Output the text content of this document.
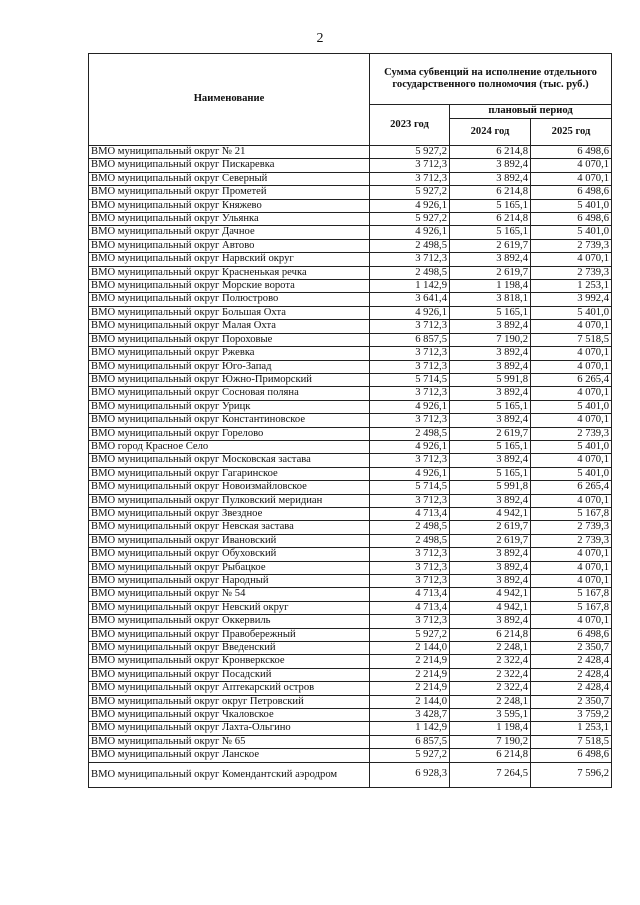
2
Наименование	Сумма субвенций на исполнение отдельного государственного полномочия (тыс. руб.)		
	2023 год	плановый период	
		2024 год	2025 год
ВМО муниципальный округ № 21	5 927,2	6 214,8	6 498,6
ВМО муниципальный округ Пискаревка	3 712,3	3 892,4	4 070,1
ВМО муниципальный округ Северный	3 712,3	3 892,4	4 070,1
ВМО муниципальный округ Прометей	5 927,2	6 214,8	6 498,6
ВМО муниципальный округ Княжево	4 926,1	5 165,1	5 401,0
ВМО муниципальный округ Ульянка	5 927,2	6 214,8	6 498,6
ВМО муниципальный округ Дачное	4 926,1	5 165,1	5 401,0
ВМО муниципальный округ Автово	2 498,5	2 619,7	2 739,3
ВМО муниципальный округ Нарвский округ	3 712,3	3 892,4	4 070,1
ВМО муниципальный округ Красненькая речка	2 498,5	2 619,7	2 739,3
ВМО муниципальный округ Морские ворота	1 142,9	1 198,4	1 253,1
ВМО муниципальный округ Полюстрово	3 641,4	3 818,1	3 992,4
ВМО муниципальный округ Большая Охта	4 926,1	5 165,1	5 401,0
ВМО муниципальный округ Малая Охта	3 712,3	3 892,4	4 070,1
ВМО муниципальный округ Пороховые	6 857,5	7 190,2	7 518,5
ВМО муниципальный округ Ржевка	3 712,3	3 892,4	4 070,1
ВМО муниципальный округ Юго-Запад	3 712,3	3 892,4	4 070,1
ВМО муниципальный округ Южно-Приморский	5 714,5	5 991,8	6 265,4
ВМО муниципальный округ Сосновая поляна	3 712,3	3 892,4	4 070,1
ВМО муниципальный округ Урицк	4 926,1	5 165,1	5 401,0
ВМО муниципальный округ Константиновское	3 712,3	3 892,4	4 070,1
ВМО муниципальный округ Горелово	2 498,5	2 619,7	2 739,3
ВМО город Красное Село	4 926,1	5 165,1	5 401,0
ВМО муниципальный округ Московская застава	3 712,3	3 892,4	4 070,1
ВМО муниципальный округ Гагаринское	4 926,1	5 165,1	5 401,0
ВМО муниципальный округ Новоизмайловское	5 714,5	5 991,8	6 265,4
ВМО муниципальный округ Пулковский меридиан	3 712,3	3 892,4	4 070,1
ВМО муниципальный округ Звездное	4 713,4	4 942,1	5 167,8
ВМО муниципальный округ Невская застава	2 498,5	2 619,7	2 739,3
ВМО муниципальный округ Ивановский	2 498,5	2 619,7	2 739,3
ВМО муниципальный округ Обуховский	3 712,3	3 892,4	4 070,1
ВМО муниципальный округ Рыбацкое	3 712,3	3 892,4	4 070,1
ВМО муниципальный округ Народный	3 712,3	3 892,4	4 070,1
ВМО муниципальный округ № 54	4 713,4	4 942,1	5 167,8
ВМО муниципальный округ Невский округ	4 713,4	4 942,1	5 167,8
ВМО муниципальный округ Оккервиль	3 712,3	3 892,4	4 070,1
ВМО муниципальный округ Правобережный	5 927,2	6 214,8	6 498,6
ВМО муниципальный округ Введенский	2 144,0	2 248,1	2 350,7
ВМО муниципальный округ Кронверкское	2 214,9	2 322,4	2 428,4
ВМО муниципальный округ Посадский	2 214,9	2 322,4	2 428,4
ВМО муниципальный округ Аптекарский остров	2 214,9	2 322,4	2 428,4
ВМО муниципальный округ округ Петровский	2 144,0	2 248,1	2 350,7
ВМО муниципальный округ Чкаловское	3 428,7	3 595,1	3 759,2
ВМО муниципальный округ Лахта-Ольгино	1 142,9	1 198,4	1 253,1
ВМО муниципальный округ № 65	6 857,5	7 190,2	7 518,5
ВМО муниципальный округ Ланское	5 927,2	6 214,8	6 498,6
ВМО муниципальный округ Комендантский аэродром	6 928,3	7 264,5	7 596,2
